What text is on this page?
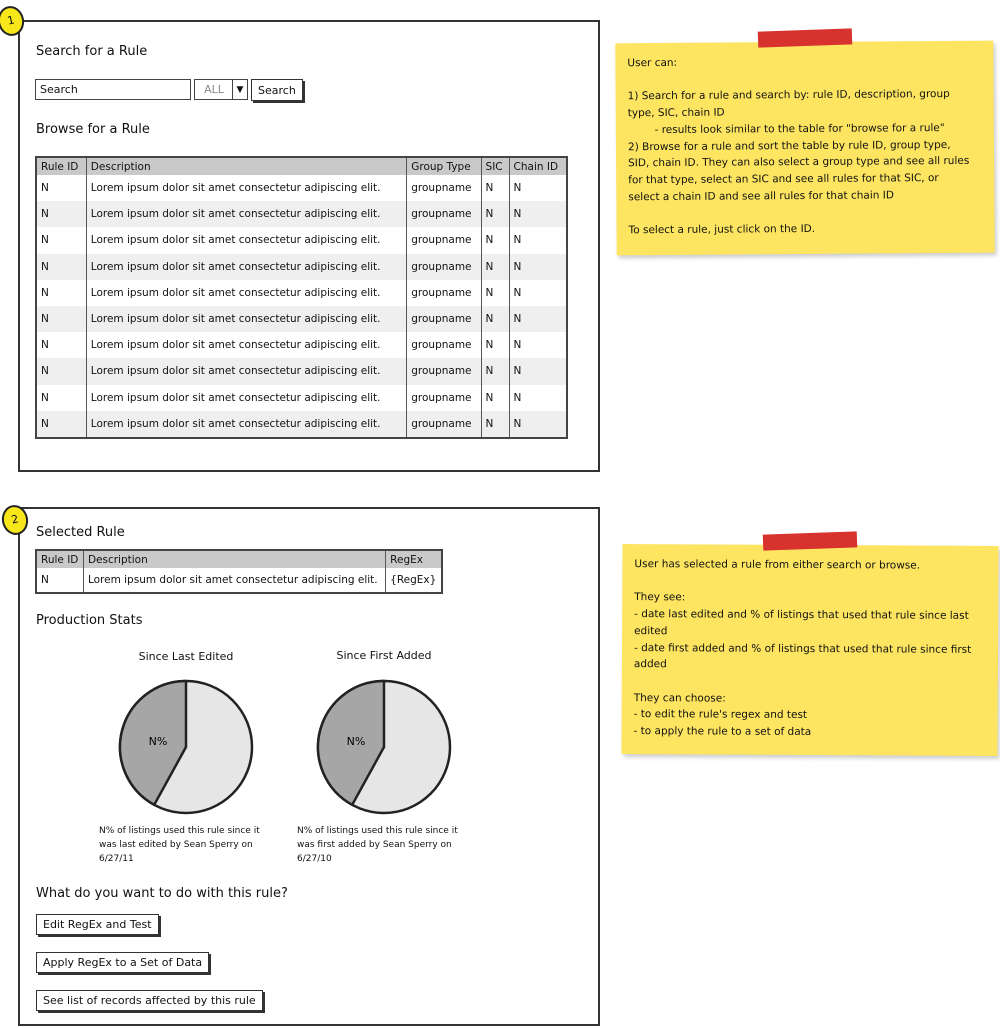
Search for a Rule
Search
ALL	▼	Search
Browse for a Rule
Rule ID	Description	Group Type	SIC	Chain ID
N	Lorem ipsum dolor sit amet consectetur adipiscing elit.	groupname	N	N
N	Lorem ipsum dolor sit amet consectetur adipiscing elit.	groupname	N	N
N	Lorem ipsum dolor sit amet consectetur adipiscing elit.	groupname	N	N
N	Lorem ipsum dolor sit amet consectetur adipiscing elit.	groupname	N	N
N	Lorem ipsum dolor sit amet consectetur adipiscing elit.	groupname	N	N
N	Lorem ipsum dolor sit amet consectetur adipiscing elit.	groupname	N	N
N	Lorem ipsum dolor sit amet consectetur adipiscing elit.	groupname	N	N
N	Lorem ipsum dolor sit amet consectetur adipiscing elit.	groupname	N	N
N	Lorem ipsum dolor sit amet consectetur adipiscing elit.	groupname	N	N
N	Lorem ipsum dolor sit amet consectetur adipiscing elit.	groupname	N	N
1

User can:

1) Search for a rule and search by: rule ID, description, group

type, SIC, chain ID

- results look similar to the table for "browse for a rule"

2) Browse for a rule and sort the table by rule ID, group type,

SID, chain ID. They can also select a group type and see all rules

for that type, select an SIC and see all rules for that SIC, or

select a chain ID and see all rules for that chain ID

To select a rule, just click on the ID.

Selected Rule
Rule ID	Description	RegEx
N	Lorem ipsum dolor sit amet consectetur adipiscing elit.	{RegEx}
Production Stats
Since Last Edited	Since First Added
N%	N%
N% of listings used this rule since it was last edited by Sean Sperry on 6/27/11
N% of listings used this rule since it was first added by Sean Sperry on 6/27/10
What do you want to do with this rule?
Edit RegEx and Test
Apply RegEx to a Set of Data
See list of records affected by this rule
2

User has selected a rule from either search or browse.

They see:

- date last edited and % of listings that used that rule since last

edited

- date first added and % of listings that used that rule since first

added

They can choose:

- to edit the rule's regex and test

- to apply the rule to a set of data
